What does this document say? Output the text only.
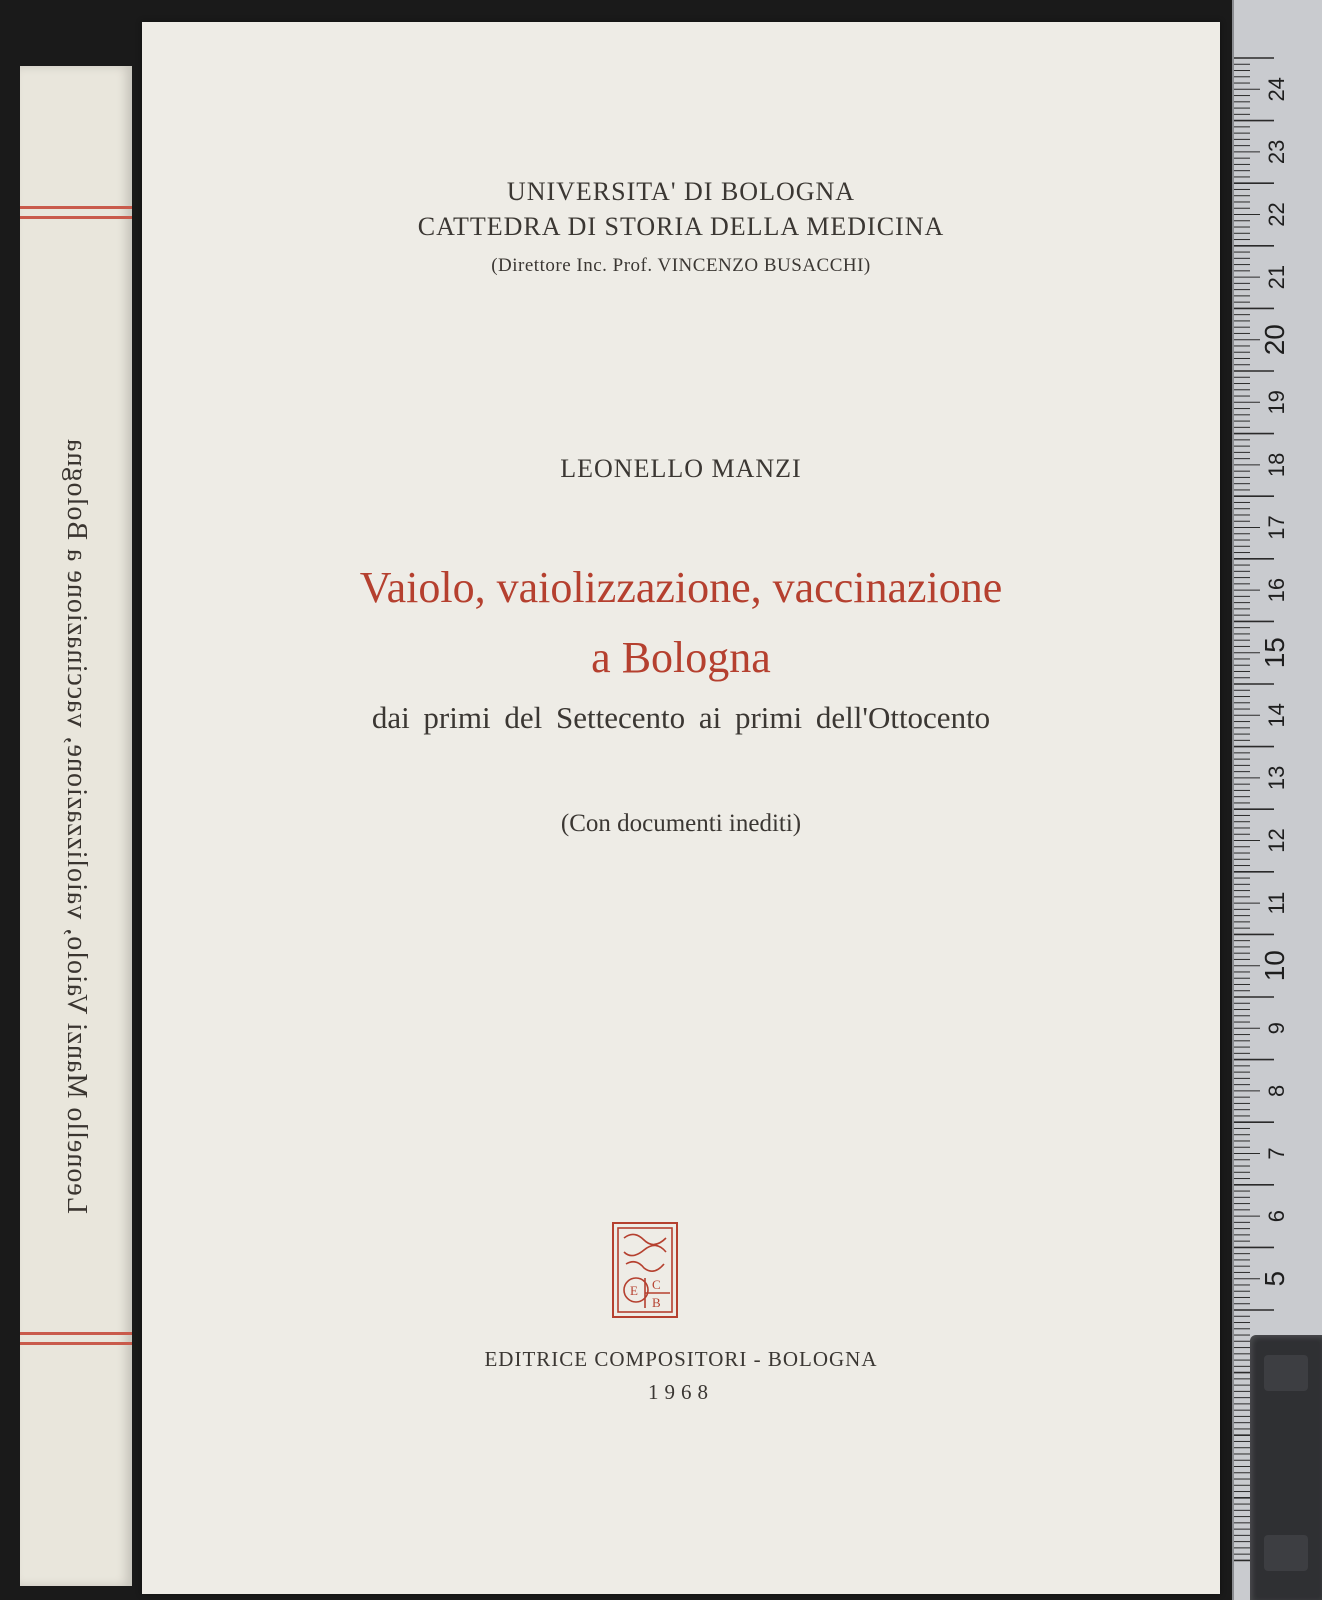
Leonello Manzi Vaiolo, vaiolizzazione, vaccinazione a Bologna
UNIVERSITA' DI BOLOGNA
CATTEDRA DI STORIA DELLA MEDICINA
(Direttore Inc. Prof. VINCENZO BUSACCHI)
LEONELLO MANZI
Vaiolo, vaiolizzazione, vaccinazione
a Bologna
dai primi del Settecento ai primi dell'Ottocento
(Con documenti inediti)
E C
B
EDITRICE COMPOSITORI - BOLOGNA
1968
24
23
22
21
20
19
18
17
16
15
14
13
12
11
10
9
8
7
6
5
